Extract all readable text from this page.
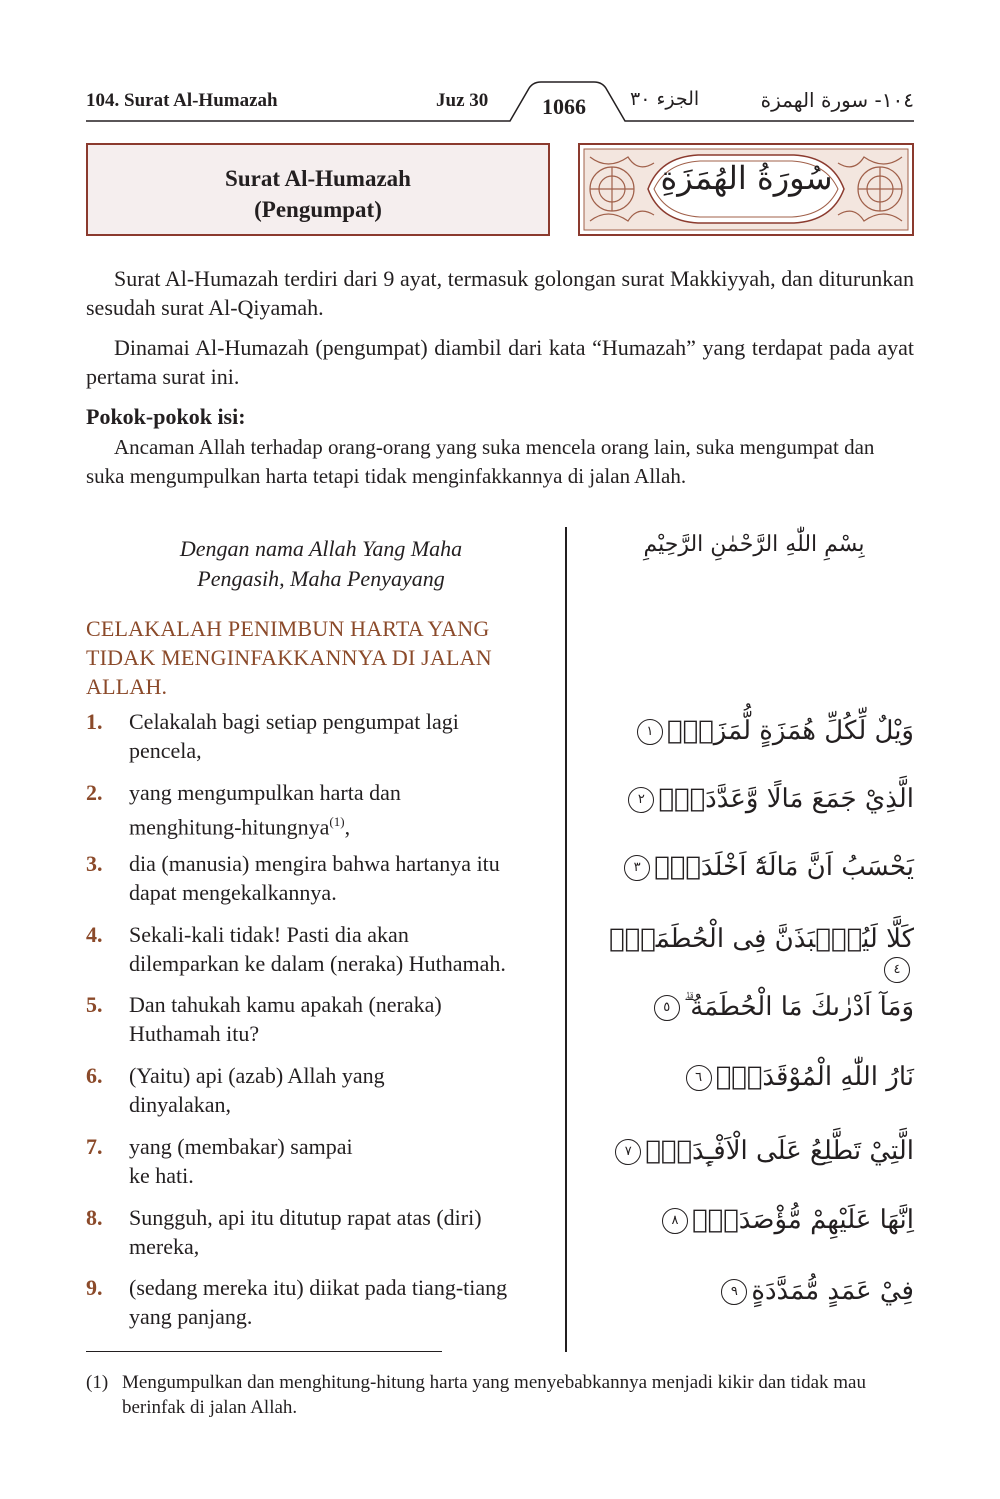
104. Surat Al-Humazah	Juz 30	1066	الجزء ٣٠	١٠٤- سورة الهمزة
Surat Al-Humazah
(Pengumpat)
سُورَةُ الهُمَزَةِ

Surat Al-Humazah terdiri dari 9 ayat, termasuk golongan surat Makkiyyah, dan diturunkan sesudah surat Al-Qiyamah.

Dinamai Al-Humazah (pengumpat) diambil dari kata “Humazah” yang terdapat pada ayat pertama surat ini.

Pokok-pokok isi:
Ancaman Allah terhadap orang-orang yang suka mencela orang lain, suka mengumpat dan suka mengumpulkan harta tetapi tidak menginfakkannya di jalan Allah.
Dengan nama Allah Yang Maha
Pengasih, Maha Penyayang
بِسْمِ اللّٰهِ الرَّحْمٰنِ الرَّحِيْمِ
CELAKALAH PENIMBUN HARTA YANG TIDAK MENGINFAKKANNYA DI JALAN ALLAH.
1.	Celakalah bagi setiap pengumpat lagi
pencela,
2.	yang mengumpulkan harta dan
menghitung-hitungnya$^{(1)}$,
3.	dia (manusia) mengira bahwa hartanya itu
dapat mengekalkannya.
4.	Sekali-kali tidak! Pasti dia akan
dilemparkan ke dalam (neraka) Huthamah.
5.	Dan tahukah kamu apakah (neraka)
Huthamah itu?
6.	(Yaitu) api (azab) Allah yang
dinyalakan,
7.	yang (membakar) sampai
ke hati.
8.	Sungguh, api itu ditutup rapat atas (diri)
mereka,
9.	(sedang mereka itu) diikat pada tiang-tiang
yang panjang.
وَيْلٌ لِّكُلِّ هُمَزَةٍ لُّمَزَةِۙ١
الَّذِيْ جَمَعَ مَالًا وَّعَدَّدَهٗۙ٢
يَحْسَبُ اَنَّ مَالَهٗٓ اَخْلَدَهٗۚ٣
كَلَّا لَيُنْۢبَذَنَّ فِى الْحُطَمَةِۖ٤
وَمَآ اَدْرٰىكَ مَا الْحُطَمَةُ ۗ٥
نَارُ اللّٰهِ الْمُوْقَدَةُۙ٦
الَّتِيْ تَطَّلِعُ عَلَى الْاَفْـِٕدَةِۗ٧
اِنَّهَا عَلَيْهِمْ مُّؤْصَدَةٌۙ٨
فِيْ عَمَدٍ مُّمَدَّدَةٍ٩
(1) Mengumpulkan dan menghitung-hitung harta yang menyebabkannya menjadi kikir dan tidak mau berinfak di jalan Allah.
